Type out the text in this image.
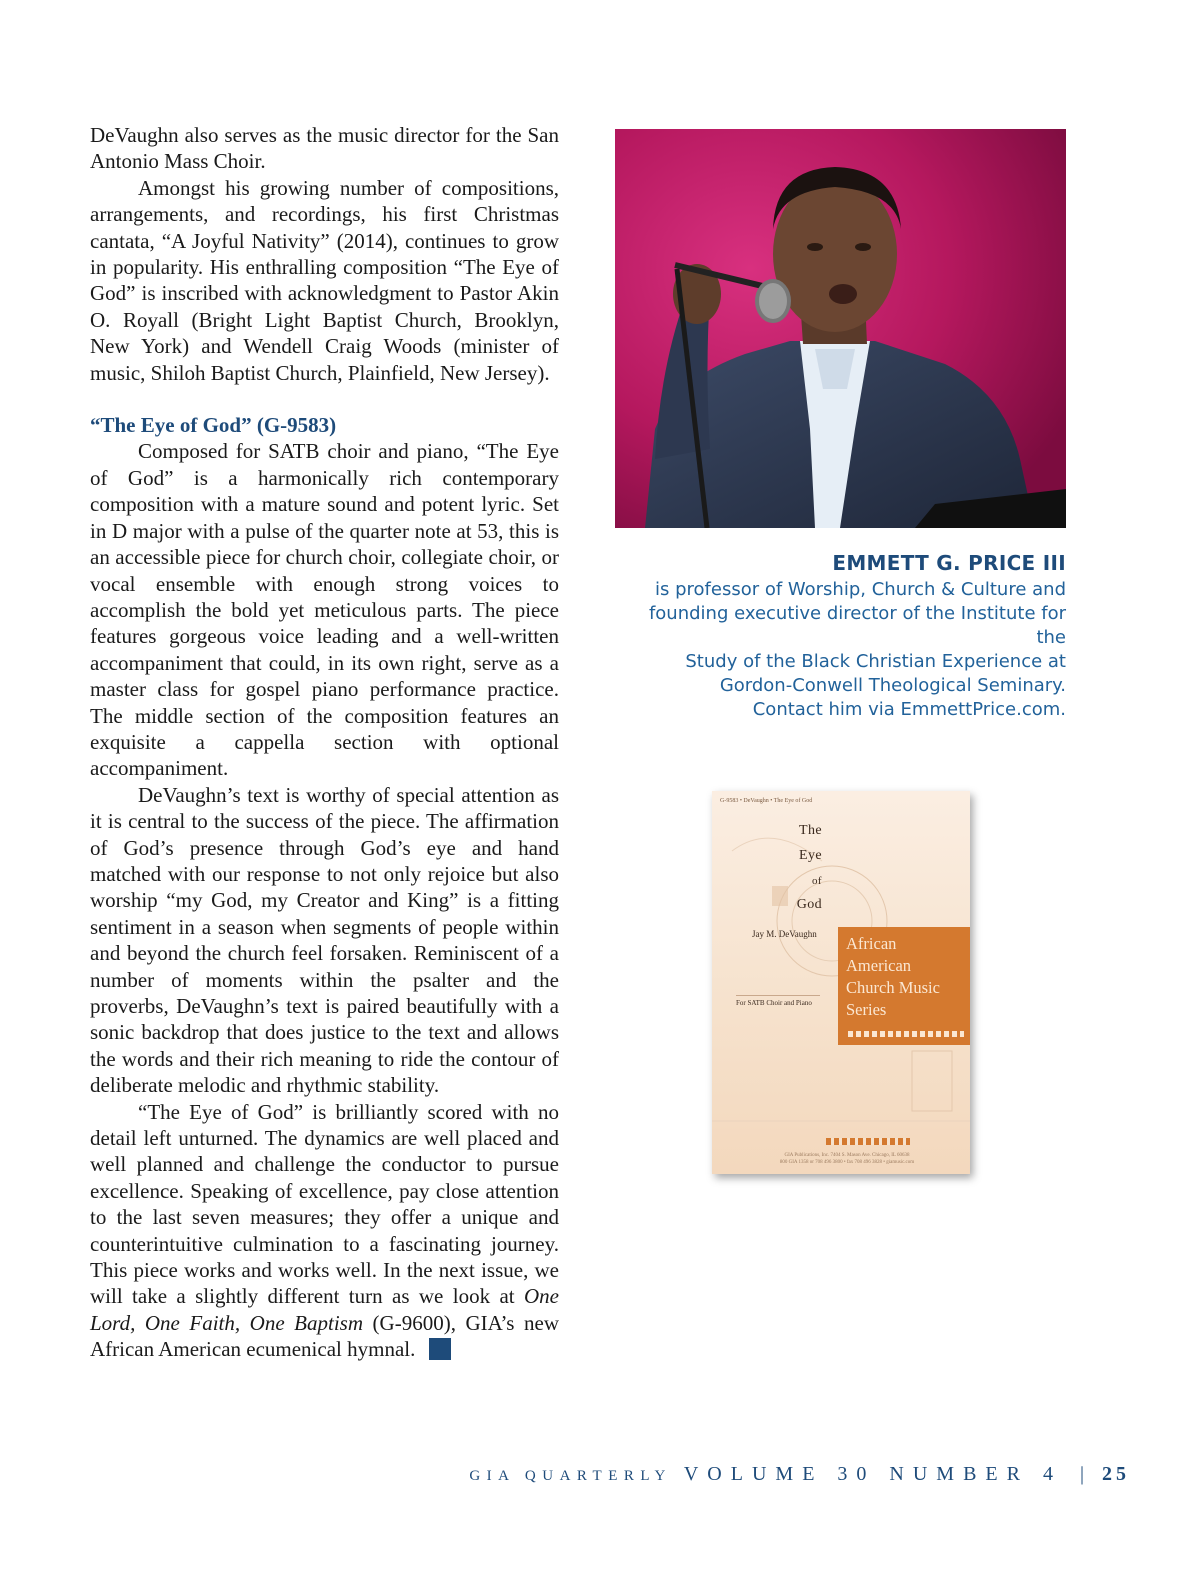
DeVaughn also serves as the music director for the San Antonio Mass Choir.

Amongst his growing number of compositions, arrangements, and recordings, his first Christmas cantata, “A Joyful Nativity” (2014), continues to grow in popularity. His enthralling composition “The Eye of God” is inscribed with acknowledgment to Pastor Akin O. Royall (Bright Light Baptist Church, Brooklyn, New York) and Wendell Craig Woods (minister of music, Shiloh Baptist Church, Plainfield, New Jersey).

“The Eye of God” (G-9583)

Composed for SATB choir and piano, “The Eye of God” is a harmonically rich contemporary composition with a mature sound and potent lyric. Set in D major with a pulse of the quarter note at 53, this is an accessible piece for church choir, collegiate choir, or vocal ensemble with enough strong voices to accomplish the bold yet meticulous parts. The piece features gorgeous voice leading and a well-written accompaniment that could, in its own right, serve as a master class for gospel piano performance practice. The middle section of the composition features an exquisite a cappella section with optional accompaniment.

DeVaughn’s text is worthy of special attention as it is central to the success of the piece. The affirmation of God’s presence through God’s eye and hand matched with our response to not only rejoice but also worship “my God, my Creator and King” is a fitting sentiment in a season when segments of people within and beyond the church feel forsaken. Reminiscent of a number of moments within the psalter and the proverbs, DeVaughn’s text is paired beautifully with a sonic backdrop that does justice to the text and allows the words and their rich meaning to ride the contour of deliberate melodic and rhythmic stability.

“The Eye of God” is brilliantly scored with no detail left unturned. The dynamics are well placed and well planned and challenge the conductor to pursue excellence. Speaking of excellence, pay close attention to the last seven measures; they offer a unique and counterintuitive culmination to a fascinating journey. This piece works and works well. In the next issue, we will take a slightly different turn as we look at One Lord, One Faith, One Baptism (G-9600), GIA’s new African American ecumenical hymnal.

EMMETT G. PRICE III
is professor of Worship, Church & Culture and
founding executive director of the Institute for the
Study of the Black Christian Experience at
Gordon-Conwell Theological Seminary.
Contact him via EmmettPrice.com.
G-9583 • DeVaughn • The Eye of God
The
Eye
of
God
Jay M. DeVaughn
For SATB Choir and Piano
African
American
Church Music
Series
GIA Publications, Inc. 7404 S. Mason Ave. Chicago, IL 60638
800 GIA 1358 or 708 496 3800 • fax 708 496 3828 • giamusic.com
GIA QUARTERLY VOLUME 30 NUMBER 4 | 25
